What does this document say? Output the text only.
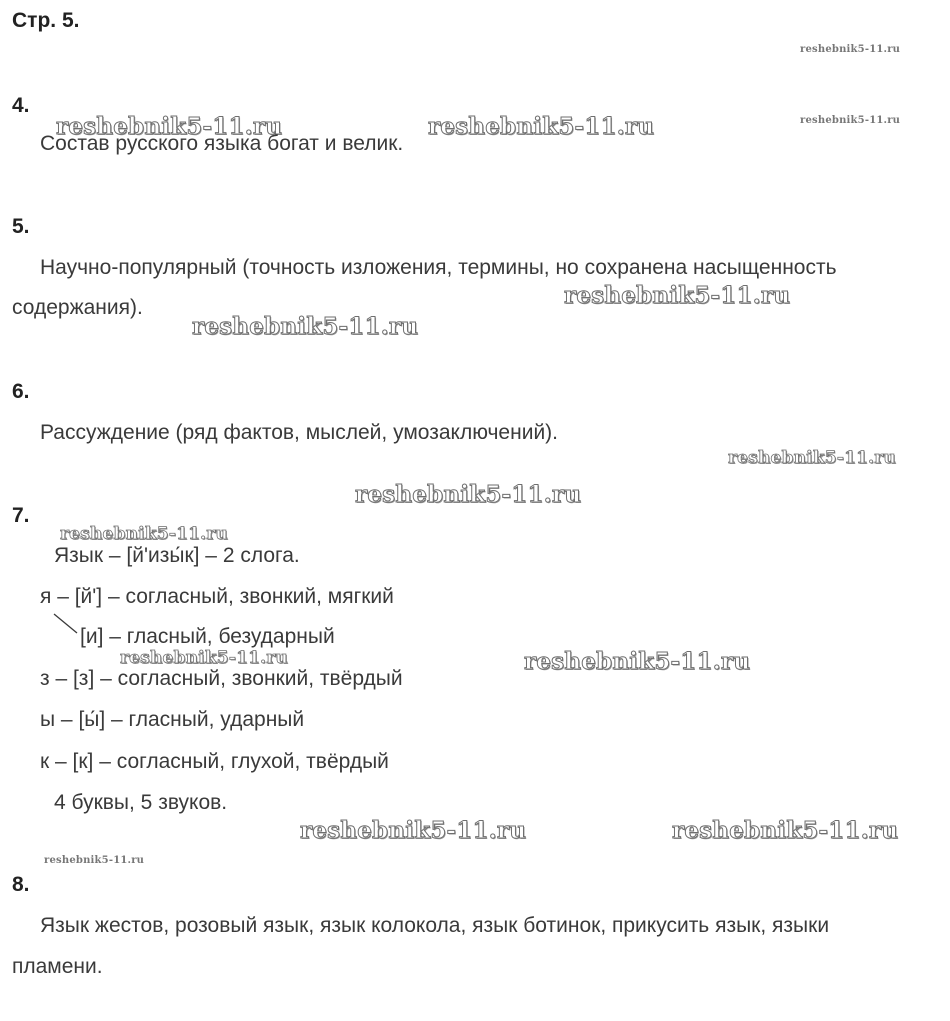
Стр. 5.
reshebnik5-11.ru
reshebnik5-11.ru
reshebnik5-11.ru
4.
reshebnik5-11.ru	reshebnik5-11.ru
Состав русского языка богат и велик.
5.
Научно-популярный (точность изложения, термины, но сохранена насыщенность
reshebnik5-11.ru
содержания).
reshebnik5-11.ru
6.
Рассуждение (ряд фактов, мыслей, умозаключений).
reshebnik5-11.ru
reshebnik5-11.ru
7.
reshebnik5-11.ru
Язык – [й'изы́к] – 2 слога.
я – [й'] – согласный, звонкий, мягкий
[и] – гласный, безударный
reshebnik5-11.ru	reshebnik5-11.ru
з – [з] – согласный, звонкий, твёрдый
ы – [ы́] – гласный, ударный
к – [к] – согласный, глухой, твёрдый
4 буквы, 5 звуков.
reshebnik5-11.ru	reshebnik5-11.ru
8.
Язык жестов, розовый язык, язык колокола, язык ботинок, прикусить язык, языки
пламени.
